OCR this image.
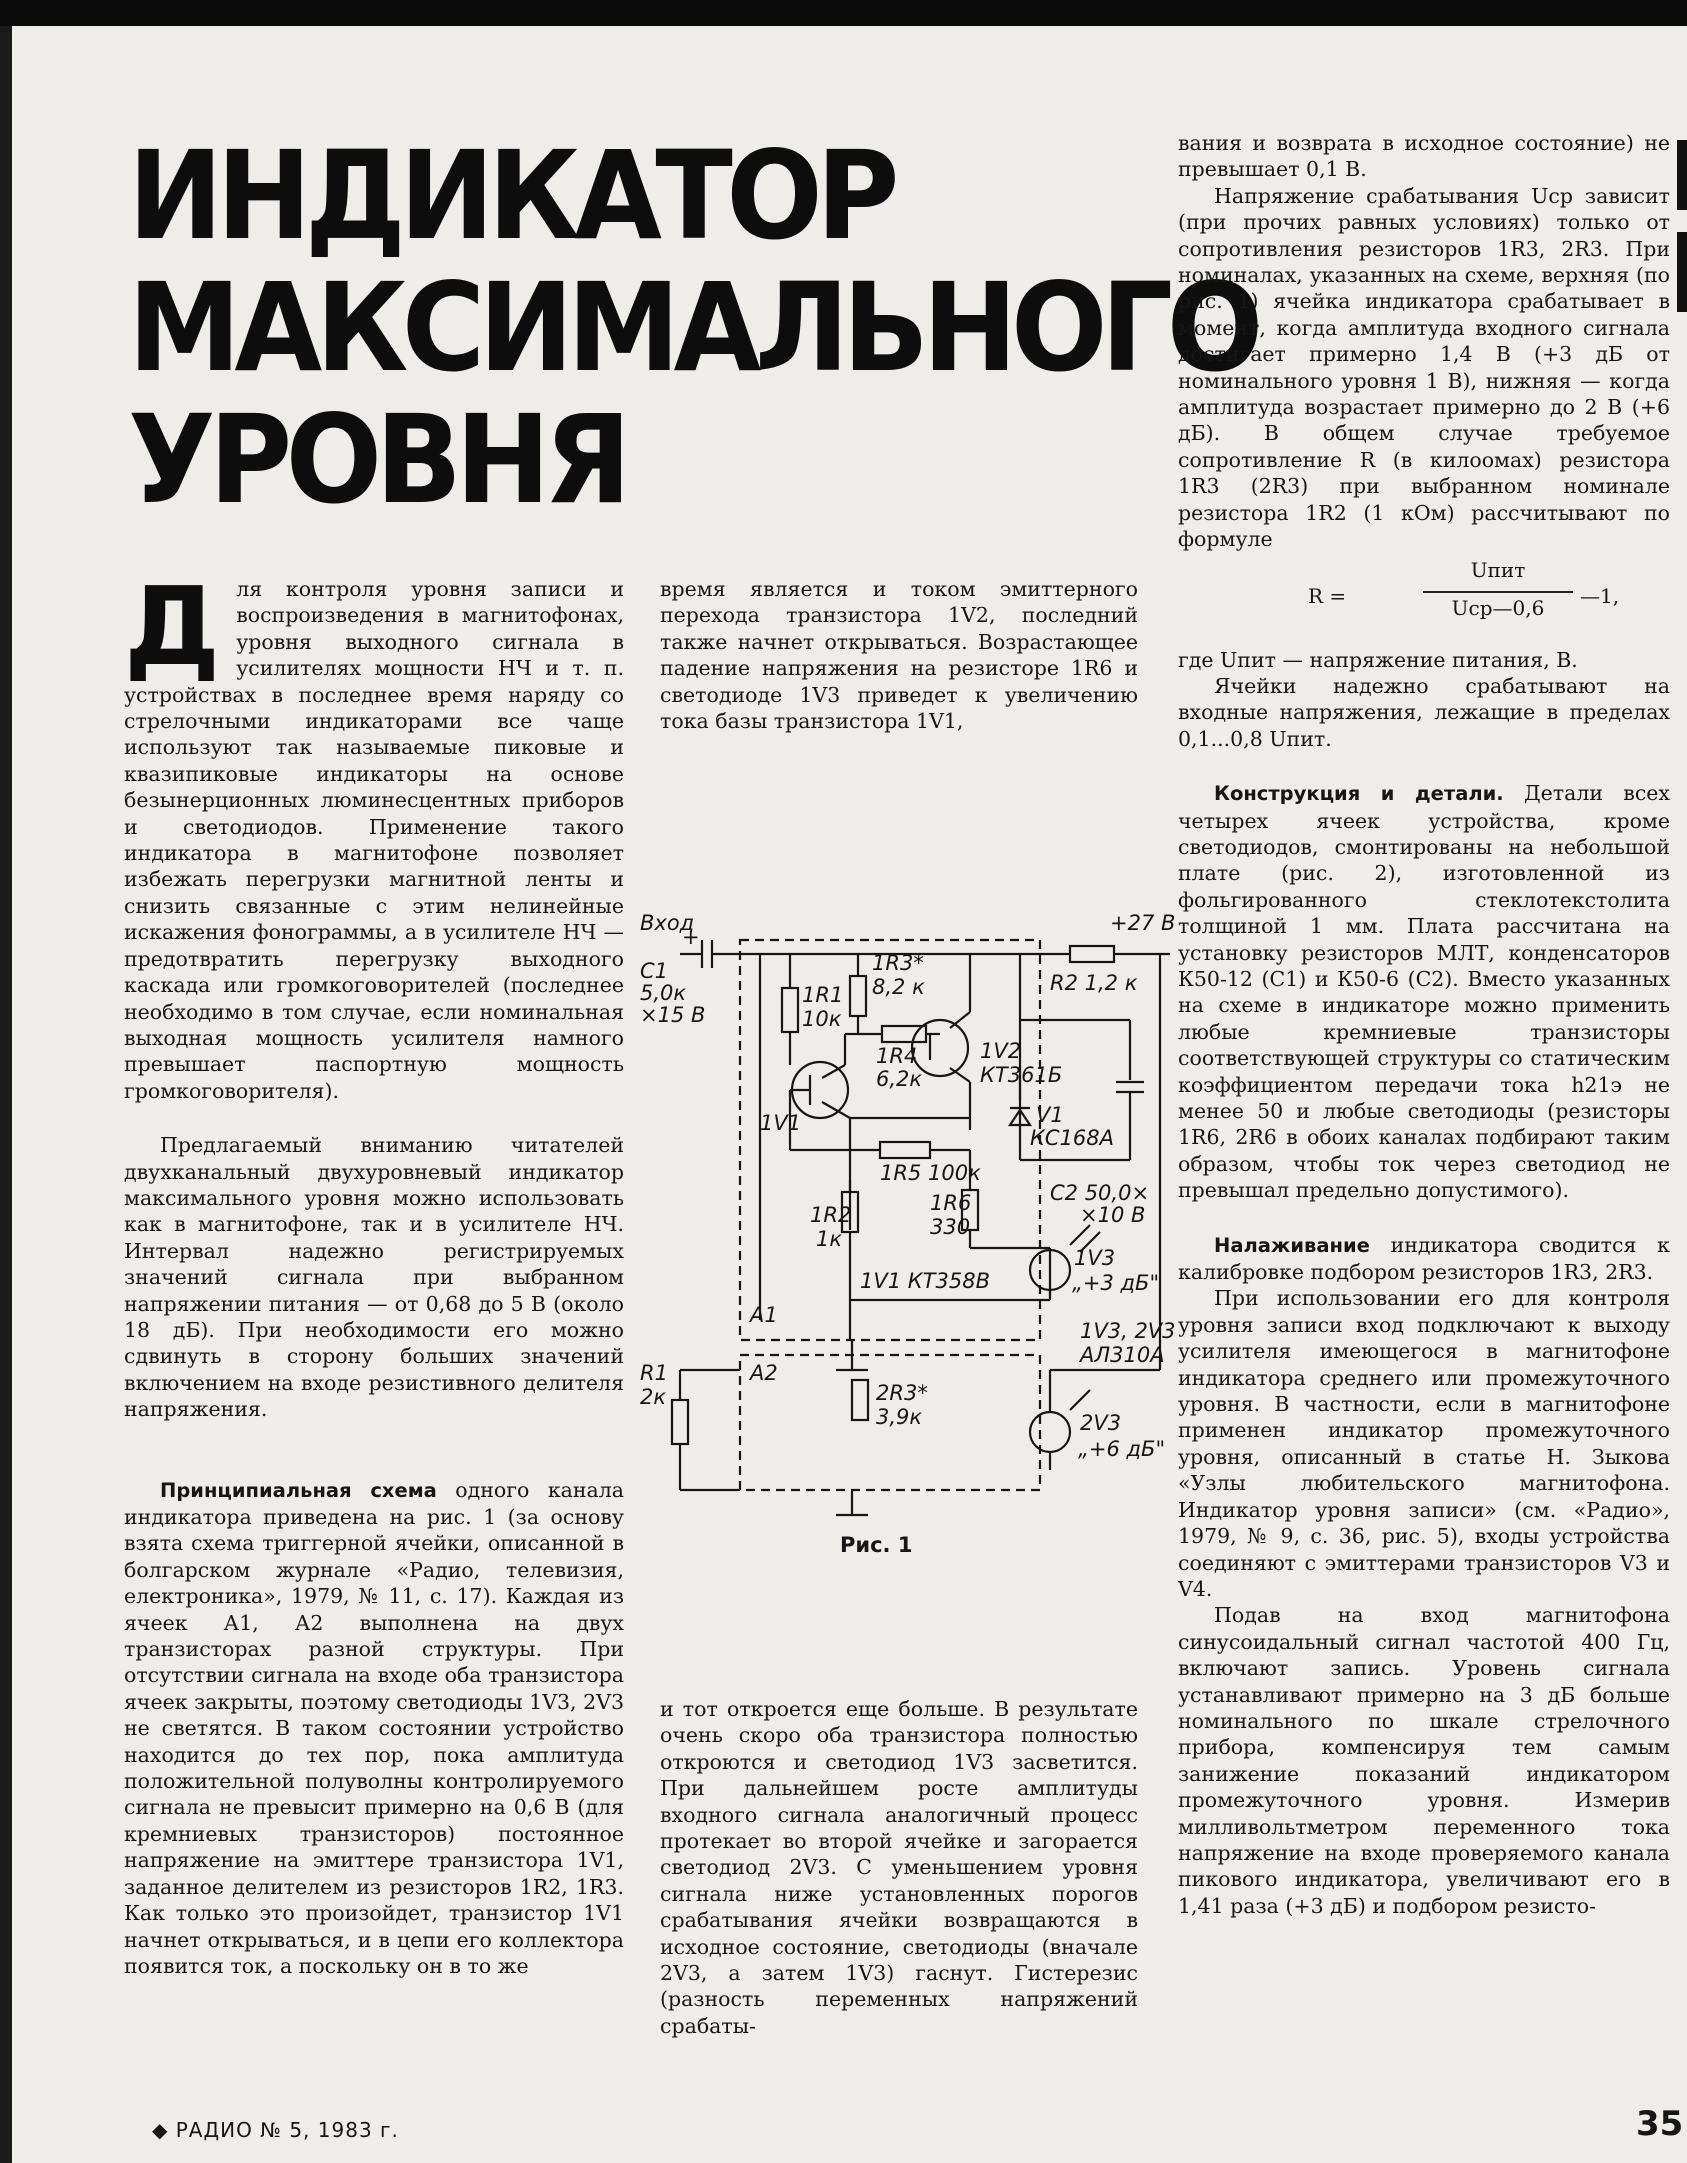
ИНДИКАТОР
МАКСИМАЛЬНОГО
УРОВНЯ
Д ля контроля уровня записи и воспроизведения в магнитофонах, уровня выходного сигнала в усилителях мощности НЧ и т. п. устройствах в последнее время наряду со стрелочными индикаторами все чаще используют так называемые пиковые и квазипиковые индикаторы на основе безынерционных люминесцентных приборов и светодиодов. Применение такого индикатора в магнитофоне позволяет избежать перегрузки магнитной ленты и снизить связанные с этим нелинейные искажения фонограммы, а в усилителе НЧ — предотвратить перегрузку выходного каскада или громкоговорителей (последнее необходимо в том случае, если номинальная выходная мощность усилителя намного превышает паспортную мощность громкоговорителя).

Предлагаемый вниманию читателей двухканальный двухуровневый индикатор максимального уровня можно использовать как в магнитофоне, так и в усилителе НЧ. Интервал надежно регистрируемых значений сигнала при выбранном напряжении питания — от 0,68 до 5 В (около 18 дБ). При необходимости его можно сдвинуть в сторону больших значений включением на входе резистивного делителя напряжения.

Принципиальная схема одного канала индикатора приведена на рис. 1 (за основу взята схема триггерной ячейки, описанной в болгарском журнале «Радио, телевизия, електроника», 1979, № 11, с. 17). Каждая из ячеек А1, А2 выполнена на двух транзисторах разной структуры. При отсутствии сигнала на входе оба транзистора ячеек закрыты, поэтому светодиоды 1V3, 2V3 не светятся. В таком состоянии устройство находится до тех пор, пока амплитуда положительной полуволны контролируемого сигнала не превысит примерно на 0,6 В (для кремниевых транзисторов) постоянное напряжение на эмиттере транзистора 1V1, заданное делителем из резисторов 1R2, 1R3. Как только это произойдет, транзистор 1V1 начнет открываться, и в цепи его коллектора появится ток, а поскольку он в то же

время является и током эмиттерного перехода транзистора 1V2, последний также начнет открываться. Возрастающее падение напряжения на резисторе 1R6 и светодиоде 1V3 приведет к увеличению тока базы транзистора 1V1,

Вход	+27 В
+
C1
5,0к
×15 В
1R1
10к
1R3*
8,2 к
1R4
6,2к
R2 1,2 к
1V2
КТ361Б
1V1	V1
КС168А
С2 50,0×
×10 В
1R5 100к
1R2
1к
1R6
330
1V3
„+3 дБ"
1V1 КТ358В
А1
R1
2к
А2
1V3, 2V3
АЛ310А
2R3*
3,9к	2V3
„+6 дБ"
Рис. 1

и тот откроется еще больше. В результате очень скоро оба транзистора полностью откроются и светодиод 1V3 засветится. При дальнейшем росте амплитуды входного сигнала аналогичный процесс протекает во второй ячейке и загорается светодиод 2V3. С уменьшением уровня сигнала ниже установленных порогов срабатывания ячейки возвращаются в исходное состояние, светодиоды (вначале 2V3, а затем 1V3) гаснут. Гистерезис (разность переменных напряжений срабаты-

вания и возврата в исходное состояние) не превышает 0,1 В.

Напряжение срабатывания Uср зависит (при прочих равных условиях) только от сопротивления резисторов 1R3, 2R3. При номиналах, указанных на схеме, верхняя (по рис. 1) ячейка индикатора срабатывает в момент, когда амплитуда входного сигнала достигает примерно 1,4 В (+3 дБ от номинального уровня 1 В), нижняя — когда амплитуда возрастает примерно до 2 В (+6 дБ). В общем случае требуемое сопротивление R (в килоомах) резистора 1R3 (2R3) при выбранном номинале резистора 1R2 (1 кОм) рассчитывают по формуле

R =
Uпит
Uср—0,6	—1,

где Uпит — напряжение питания, В.

Ячейки надежно срабатывают на входные напряжения, лежащие в пределах 0,1...0,8 Uпит.

Конструкция и детали. Детали всех четырех ячеек устройства, кроме светодиодов, смонтированы на небольшой плате (рис. 2), изготовленной из фольгированного стеклотекстолита толщиной 1 мм. Плата рассчитана на установку резисторов МЛТ, конденсаторов К50-12 (С1) и К50-6 (С2). Вместо указанных на схеме в индикаторе можно применить любые кремниевые транзисторы соответствующей структуры со статическим коэффициентом передачи тока h21э не менее 50 и любые светодиоды (резисторы 1R6, 2R6 в обоих каналах подбирают таким образом, чтобы ток через светодиод не превышал предельно допустимого).

Налаживание индикатора сводится к калибровке подбором резисторов 1R3, 2R3.

При использовании его для контроля уровня записи вход подключают к выходу усилителя имеющегося в магнитофоне индикатора среднего или промежуточного уровня. В частности, если в магнитофоне применен индикатор промежуточного уровня, описанный в статье Н. Зыкова «Узлы любительского магнитофона. Индикатор уровня записи» (см. «Радио», 1979, № 9, с. 36, рис. 5), входы устройства соединяют с эмиттерами транзисторов V3 и V4.

Подав на вход магнитофона синусоидальный сигнал частотой 400 Гц, включают запись. Уровень сигнала устанавливают примерно на 3 дБ больше номинального по шкале стрелочного прибора, компенсируя тем самым занижение показаний индикатором промежуточного уровня. Измерив милливольтметром переменного тока напряжение на входе проверяемого канала пикового индикатора, увеличивают его в 1,41 раза (+3 дБ) и подбором резисто-

◆ РАДИО № 5, 1983 г.	35
